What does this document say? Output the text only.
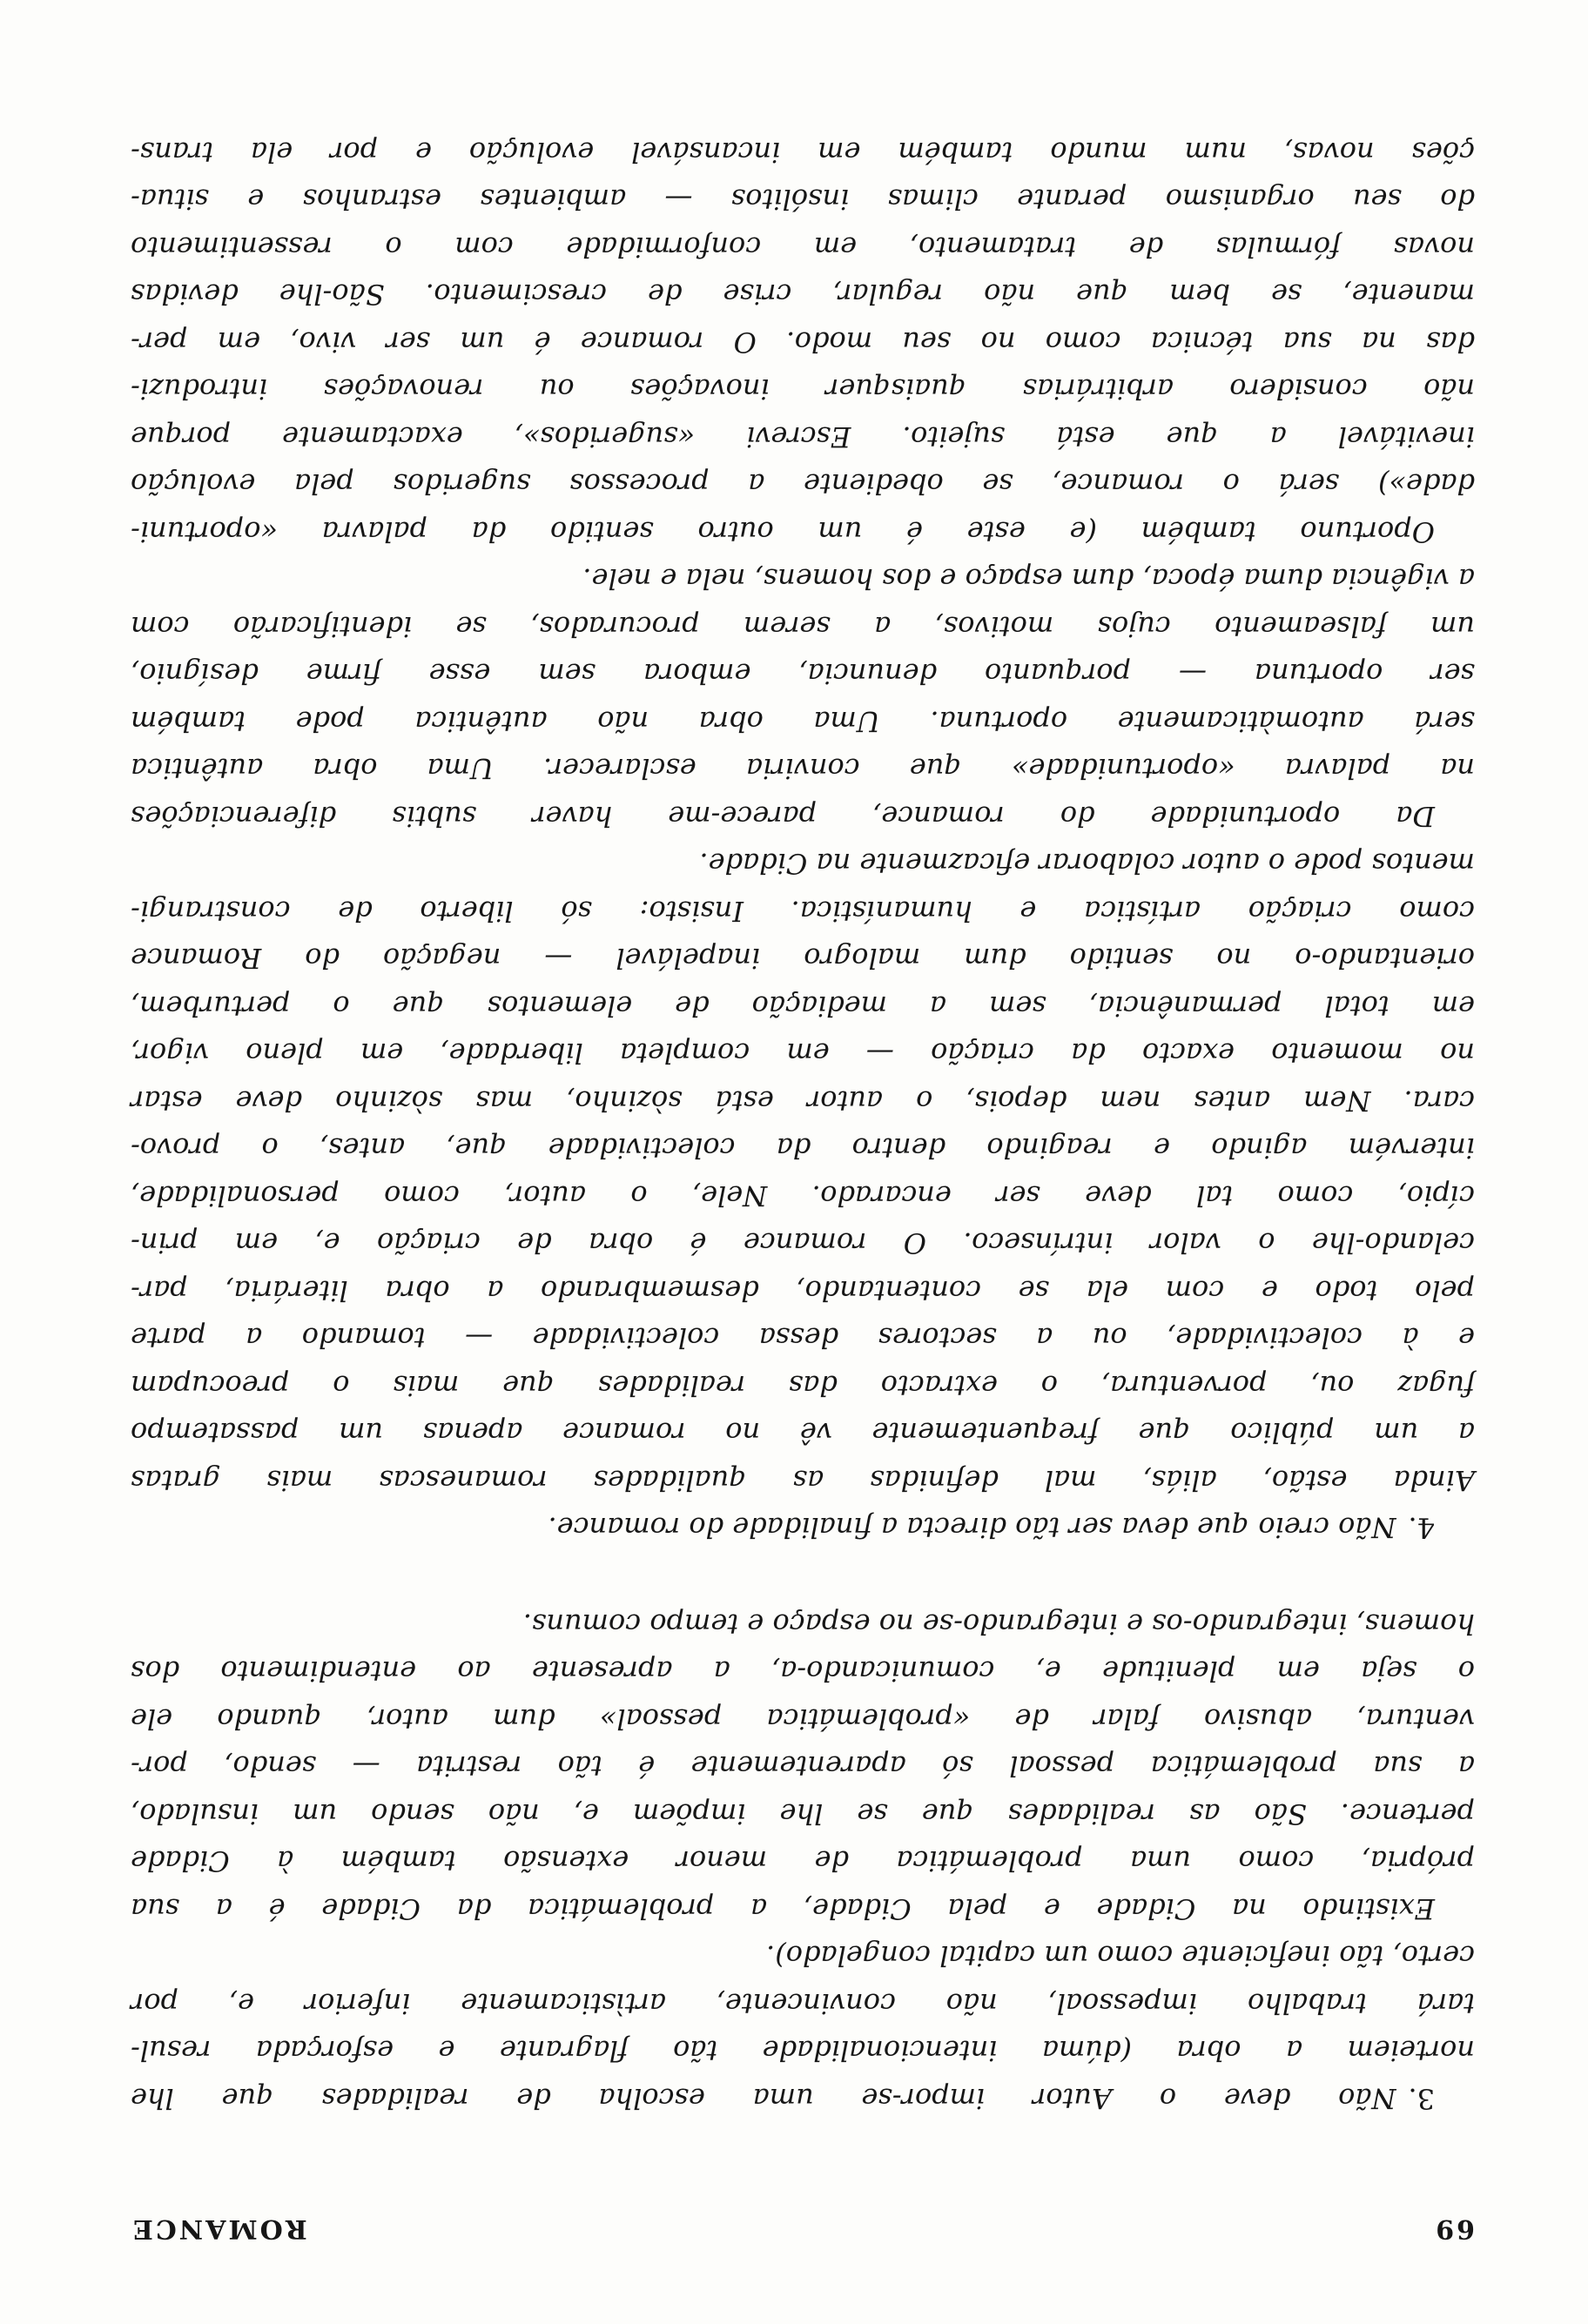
69
ROMANCE
3.Não deve o Autor impor-se uma escolha de realidades que lhe
norteiem a obra (dúma intencionalidade tão flagrante e esforçada resul-
tará trabalho impessoal, não convincente, artìsticamente inferior e, por
certo, tão ineficiente como um capital congelado).
Existindo na Cidade e pela Cidade, a problemática da Cidade é a sua
própria, como uma problemática de menor extensão também à Cidade
pertence. São as realidades que se lhe impõem e, não sendo um insulado,
a sua problemática pessoal só aparentemente é tão restrita — sendo, por-
ventura, abusivo falar de «problemática pessoal» dum autor, quando ele
o seja em plenitude e, comunicando-a, a apresente ao entendimento dos
homens, integrando-os e integrando-se no espaço e tempo comuns.
4.Não creio que deva ser tão directa a finalidade do romance.
Ainda estão, aliás, mal definidas as qualidades romanescas mais gratas
a um público que frequentemente vê no romance apenas um passatempo
fugaz ou, porventura, o extracto das realidades que mais o preocupam
e à colectividade, ou a sectores dessa colectividade — tomando a parte
pelo todo e com ela se contentando, desmembrando a obra literária, par-
celando-lhe o valor intrínseco. O romance é obra de criação e, em prin-
cípio, como tal deve ser encarado. Nele, o autor, como personalidade,
intervém agindo e reagindo dentro da colectividade que, antes, o provo-
cara. Nem antes nem depois, o autor está sòzinho, mas sòzinho deve estar
no momento exacto da criação — em completa liberdade, em pleno vigor,
em total permanência, sem a mediação de elementos que o perturbem,
orientando-o no sentido dum malogro inapelável — negação do Romance
como criação artística e humanística. Insisto: só liberto de constrangi-
mentos pode o autor colaborar eficazmente na Cidade.
Da oportunidade do romance, parece-me haver subtis diferenciações
na palavra «oportunidade» que conviria esclarecer. Uma obra autêntica
será automàticamente oportuna. Uma obra não autêntica pode também
ser oportuna — porquanto denuncia, embora sem esse firme desígnio,
um falseamento cujos motivos, a serem procurados, se identificarão com
a vigência duma época, dum espaço e dos homens, nela e nele.
Oportuno também (e este é um outro sentido da palavra «oportuni-
dade») será o romance, se obediente a processos sugeridos pela evolução
inevitável a que está sujeito. Escrevi «sugeridos», exactamente porque
não considero arbitrárias quaisquer inovações ou renovações introduzi-
das na sua técnica como no seu modo. O romance é um ser vivo, em per-
manente, se bem que não regular, crise de crescimento. São-lhe devidas
novas fórmulas de tratamento, em conformidade com o ressentimento
do seu organismo perante climas insólitos — ambientes estranhos e situa-
ções novas, num mundo também em incansável evolução e por ela trans-
